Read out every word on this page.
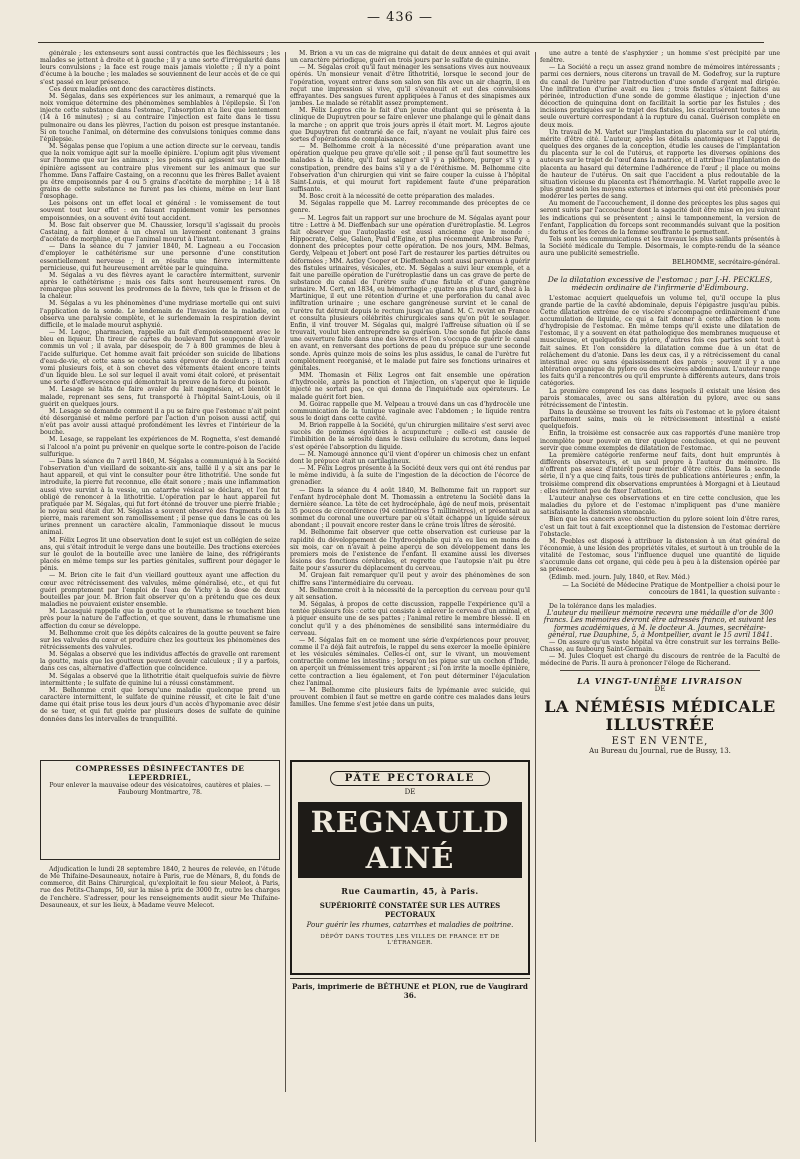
— 436 —

générale ; les extenseurs sont aussi contractés que les fléchisseurs ; les malades se jettent à droite et à gauche ; il y a une sorte d'irrégularité dans leurs convulsions ; la face est rouge mais jamais violette ; il n'y a point d'écume à la bouche ; les malades se souviennent de leur accès et de ce qui s'est passé en leur présence.

Ces deux maladies ont donc des caractères distincts.

M. Ségalas, dans ses expériences sur les animaux, a remarqué que la noix vomique détermine des phénomènes semblables à l'épilepsie. Si l'on injecte cette substance dans l'estomac, l'absorption n'a lieu que lentement (14 à 16 minutes) ; si au contraire l'injection est faite dans le tissu pulmonaire ou dans les plèvres, l'action du poison est presque instantanée. Si on touche l'animal, on détermine des convulsions toniques comme dans l'épilepsie.

M. Ségalas pense que l'opium a une action directe sur le cerveau, tandis que la noix vomique agit sur la moelle épinière. L'opium agit plus vivement sur l'homme que sur les animaux ; les poisons qui agissent sur la moelle épinière agissent au contraire plus vivement sur les animaux que sur l'homme. Dans l'affaire Castaing, on a reconnu que les frères Ballet avaient pu être empoisonnés par 4 ou 5 grains d'acétate de morphine ; 14 à 18 grains de cette substance ne furent pas les chiens, même en leur liant l'œsophage.

Les poisons ont un effet local et général : le vomissement de tout souvent tout leur effet : en faisant rapidement vomir les personnes empoisonnées, on a souvent évité tout accident.

M. Bosc fait observer que M. Chaussier, lorsqu'il s'agissait du procès Castaing, a fait donner à un cheval un lavement contenant 3 grains d'acétate de morphine, et que l'animal mourut à l'instant.

— Dans la séance du 7 janvier 1840, M. Lagneau a eu l'occasion d'employer le cathétérisme sur une personne d'une constitution essentiellement nerveuse ; il en résulta une fièvre intermittente pernicieuse, qui fut heureusement arrêtée par le quinquina.

M. Ségalas a vu des fièvres ayant le caractère intermittent, survenir après le cathétérisme ; mais ces faits sont heureusement rares. On remarque plus souvent les prodromes de la fièvre, tels que le frisson et de la chaleur.

M. Ségalas a vu les phénomènes d'une mydriase mortelle qui ont suivi l'application de la sonde. Le lendemain de l'invasion de la maladie, on observa une paralysie complète, et le surlendemain la respiration devint difficile, et le malade mourut asphyxié.

— M. Legoc, pharmacien, rappelle au fait d'empoisonnement avec le bleu en liqueur. Un tireur de cartes du boulevard fut soupçonné d'avoir commis un vol ; il avala, par désespoir, de 7 à 800 grammes de bleu à l'acide sulfurique. Cet homme avait fait précéder son suicide de libations d'eau-de-vie, et cette sans se coucha sans éprouver de douleurs ; il avait vomi plusieurs fois, et à son chevet des vêtements étaient encore teints d'un liquide bleu. Le sol sur lequel il avait vomi était coloré, et présentait une sorte d'effervescence qui démontrait la preuve de la force du poison.

M. Lesage se hâta de faire avaler du lait magnésien, et bientôt le malade, reprenant ses sens, fut transporté à l'hôpital Saint-Louis, où il guérit en quelques jours.

M. Lesage se demande comment il a pu se faire que l'estomac n'ait point été désorganisé et même perforé par l'action d'un poison aussi actif, qui n'eût pas avoir aussi attaqué profondément les lèvres et l'intérieur de la bouche.

M. Lesage, se rappelant les expériences de M. Rognetta, s'est demandé si l'alcool n'a point pu prévenir en quelque sorte le contre-poison de l'acide sulfurique.

— Dans la séance du 7 avril 1840, M. Ségalas a communiqué à la Société l'observation d'un vieillard de soixante-six ans, taillé il y a six ans par le haut appareil, et qui vint le consulter pour être lithotritié. Une sonde fut introduite, la pierre fut reconnue, elle était sonore ; mais une inflammation aussi vive survint à la vessie, un catarrhe vésical se déclara, et l'on fut obligé de renoncer à la lithotritie. L'opération par le haut appareil fut pratiquée par M. Ségalas, qui fut fort étonné de trouver une pierre friable ; le noyau seul était dur. M. Ségalas a souvent observé des fragments de la pierre, mais rarement son ramollissement ; il pense que dans le cas où les urines prennent un caractère alcalin, l'ammoniaque dissout le mucus animal.

M. Félix Legros lit une observation dont le sujet est un collégien de seize ans, qui s'était introduit le verge dans une bouteille. Des tractions exercées sur le goulot de la bouteille avec une lanière de laine, des réfrigérants placés en même temps sur les parties génitales, suffirent pour dégager le pénis.

— M. Brion cite le fait d'un vieillard goutteux ayant une affection du cœur avec rétrécissement des valvules, même généralisé, etc., et qui fut guéri promptement par l'emploi de l'eau de Vichy à la dose de deux bouteilles par jour. M. Brion fait observer qu'on a prétendu que ces deux maladies ne pouvaient exister ensemble.

M. Lacasquié rappelle que la goutte et le rhumatisme se touchent bien près pour la nature de l'affection, et que souvent, dans le rhumatisme une affection du cœur se développe.

M. Belhomme croit que les dépôts calcaires de la goutte peuvent se faire sur les valvules du cœur et produire chez les goutteux les phénomènes des rétrécissements des valvules.

M. Ségalas a observé que les individus affectés de gravelle ont rarement la goutte, mais que les goutteux peuvent devenir calculeux ; il y a parfois, dans ces cas, alternative d'affection que coïncidence.

M. Ségalas a observé que la lithotritie était quelquefois suivie de fièvre intermittente ; le sulfate de quinine lui a réussi constamment.

M. Belhomme croit que lorsqu'une maladie quelconque prend un caractère intermittent, le sulfate de quinine réussit, et cite le fait d'une dame qui était prise tous les deux jours d'un accès d'hypomanie avec désir de se tuer, et qui fut guérie par plusieurs doses de sulfate de quinine données dans les intervalles de tranquillité.

M. Brion a vu un cas de migraine qui datait de deux années et qui avait un caractère périodique, guéri en trois jours par le sulfate de quinine.

— M. Ségalas croit qu'il faut ménager les sensations vives aux nouveaux opérés. Un monsieur venait d'être lithotritié, lorsque le second jour de l'opération, voyant entrer dans son salon son fils avec un air chagrin, il en reçut une impression si vive, qu'il s'évanouit et eut des convulsions effrayantes. Des sangsues furent appliquées à l'anus et des sinapismes aux jambes. Le malade se rétablit assez promptement.

M. Félix Legros cite le fait d'un jeune étudiant qui se présenta à la clinique de Dupuytren pour se faire enlever une phalange qui le gênait dans la marche ; on apprit que trois jours après il était mort. M. Legros ajoute que Dupuytren fut contrarié de ce fait, n'ayant ne voulait plus faire ces sortes d'opérations de complaisance.

— M. Belhomme croit à la nécessité d'une préparation avant une opération quelque peu grave qu'elle soit ; il pense qu'il faut soumettre les malades à la diète, qu'il faut saigner s'il y a pléthore, purger s'il y a constipation, prendre des bains s'il y a de l'éréthisme. M. Belhomme cite l'observation d'un chirurgien qui vint se faire couper la cuisse à l'hôpital Saint-Louis, et qui mourut fort rapidement faute d'une préparation suffisante.

M. Bosc croit à la nécessité de cette préparation des malades.

M. Ségalas rappelle que M. Larrey recommande des préceptes de ce genre.

— M. Legros fait un rapport sur une brochure de M. Ségalas ayant pour titre : Lettre à M. Dieffenbach sur une opération d'urétroplastie. M. Legros fait observer que l'autoplastie est aussi ancienne que le monde : Hippocrate, Celse, Galien, Paul d'Egine, et plus récemment Ambroise Paré, donnent des préceptes pour cette opération. De nos jours, MM. Belmas, Gerdy, Velpeau et Jobert ont posé l'art de restaurer les parties détruites ou déformées ; MM. Astley Cooper et Dieffenbach sont aussi parvenus à guérir des fistules urinaires, vésicales, etc. M. Ségalas a suivi leur exemple, et a fait une pareille opération de l'urétroplastie dans un cas grave de perte de substance du canal de l'urètre suite d'une fistule et d'une gangrène urinaire. M. Cert, en 1834, eu hémorrhagie ; quatre ans plus tard, chez à la Martinique, il eut une rétention d'urine et une perforation du canal avec infiltration urinaire ; une eschare gangréneuse survint et le canal de l'urètre fut détruit depuis le rectum jusqu'au gland. M. C. revint en France et consulta plusieurs célébrités chirurgicales sans qu'on pût le soulager. Enfin, il vint trouver M. Ségalas qui, malgré l'affreuse situation où il se trouvait, voulut bien entreprendre sa guérison. Une sonde fut placée dans une ouverture faite dans une des lèvres et l'on s'occupa de guérir le canal en avant, en renversant des portions de peau du prépuce sur une seconde sonde. Après quinze mois de soins les plus assidus, le canal de l'urètre fut complètement reorganisé, et le malade put faire ses fonctions urinaires et génitales.

MM. Thomasin et Félix Legros ont fait ensemble une opération d'hydrocèle, après la ponction et l'injection, on s'aperçut que le liquide injecté ne sortait pas, ce qui donna de l'inquiétude aux opérateurs. Le malade guérit fort bien.

M. Goirac rappelle que M. Velpeau a trouvé dans un cas d'hydrocèle une communication de la tunique vaginale avec l'abdomen ; le liquide rentra sous le doigt dans cette cavité.

M. Brion rappelle à la Société, qu'un chirurgien militaire s'est servi avec succès de pommes égoûtées à acupuncture ; celle-ci est causée de l'imbibition de la sérosité dans le tissu cellulaire du scrotum, dans lequel s'est opérée l'absorption du liquide.

— M. Namougé annonce qu'il vient d'opérer un chimosis chez un enfant dont le prépuce était un cartilagineux.

— M. Félix Legros présente à la Société deux vers qui ont été rendus par le même individu, à la suite de l'ingestion de la décoction de l'écorce de grenadier.

— Dans la séance du 4 août 1840, M. Belhomme fait un rapport sur l'enfant hydrocéphale dont M. Thomassin a entretenu la Société dans la dernière séance. La tête de cet hydrocéphale, âgé de neuf mois, présentait 35 pouces de circonférence (94 centimètres 5 millimètres), et présentait au sommet du coronal une ouverture par où s'était échappé un liquide séreux abondant ; il pouvait encore rester dans le crâne trois litres de sérosité.

M. Belhomme fait observer que cette observation est curieuse par la rapidité du développement de l'hydrocéphalie qui n'a eu lieu en moins de six mois, car on n'avait à peine aperçu de son développement dans les premiers mois de l'existence de l'enfant. Il examine aussi les diverses lésions des fonctions cérébrales, et regrette que l'autopsie n'ait pu être faite pour s'assurer du déplacement du cerveau.

M. Grajean fait remarquer qu'il peut y avoir des phénomènes de son chiffre sans l'intermédiaire du cerveau.

M. Belhomme croit à la nécessité de la perception du cerveau pour qu'il y ait sensation.

M. Ségalas, à propos de cette discussion, rappelle l'expérience qu'il a tentée plusieurs fois : cette qui consiste à enlever le cerveau d'un animal, et à piquer ensuite une de ses pattes ; l'animal retire le membre blessé. Il en conclut qu'il y a des phénomènes de sensibilité sans intermédiaire du cerveau.

— M. Ségalas fait en ce moment une série d'expériences pour prouver, comme il l'a déjà fait autrefois, le rappel du sens exercer la moelle épinière et les vésicules séminales. Celles-ci ont, sur le vivant, un mouvement contractile comme les intestins ; lorsqu'on les pique sur un cochon d'Inde, on aperçoit un frémissement très apparent ; si l'on irrite la moelle épinière, cette contraction a lieu également, et l'on peut déterminer l'éjaculation chez l'animal.

— M. Belhomme cite plusieurs faits de lypémanie avec suicide, qui prouvent combien il faut se mettre en garde contre ces malades dans leurs familles. Une femme s'est jetée dans un puits,

une autre a tenté de s'asphyxier ; un homme s'est précipité par une fenêtre.

— La Société a reçu un assez grand nombre de mémoires intéressants ; parmi ces derniers, nous citerons un travail de M. Godefroy, sur la rupture du canal de l'urètre par l'introduction d'une sonde d'argent mal dirigée. Une infiltration d'urine avait eu lieu ; trois fistules s'étaient faites au périnée, introduction d'une sonde de gomme élastique ; injection d'une décoction de quinquina dont on facilitait la sortie par les fistules ; des incisions pratiquées sur le trajet des fistules, les cicatrisèrent toutes à une seule ouverture correspondant à la rupture du canal. Guérison complète en deux mois.

Un travail de M. Varlet sur l'implantation du placenta sur le col utérin, mérite d'être cité. L'auteur, après les détails anatomiques et l'appui de quelques des organes de la conception, étudie les causes de l'implantation du placenta sur le col de l'utérus, et rapporte les diverses opinions des auteurs sur le trajet de l'œuf dans la matrice, et il attribue l'implantation de placenta au hasard qui détermine l'adhérence de l'œuf ; il place ou moins de hauteur de l'utérus. On sait que l'accident a plus redoutable de la situation vicieuse du placenta est l'hémorrhagie. M. Varlet rappelle avec le plus grand soin les moyens externes et internes qui ont été préconisés pour modérer les pertes de sang.

Au moment de l'accouchement, il donne des préceptes les plus sages qui seront suivis par l'accoucheur dont la sagacité doit être mise en jeu suivant les indications qui se présentent ; ainsi le tamponnement, la version de l'enfant, l'application du forceps sont recommandés suivant que la position du fœtus et les forces de la femme souffrante le permettent.

Tels sont les communications et les travaux les plus saillants présentés à la Société médicale du Temple. Désormais, le compte-rendu de la séance aura une publicité semestrielle.

BELHOMME, secrétaire-général.

De la dilatation excessive de l'estomac ; par J.-H. PECKLES, médecin ordinaire de l'infirmerie d'Edimbourg.

L'estomac acquiert quelquefois un volume tel, qu'il occupe la plus grande partie de la cavité abdominale, depuis l'épigastre jusqu'au pubis. Cette dilatation extrême de ce viscère s'accompagne ordinairement d'une accumulation de liquide, ce qui a fait donner à cette affection le nom d'hydropisie de l'estomac. En même temps qu'il existe une dilatation de l'estomac, il y a souvent en état pathologique des membranes muqueuse et musculeuse, et quelquefois du pylore, d'autres fois ces parties sont tout à fait saines. Et l'on considère la dilatation comme due à un état de relâchement du d'atonie. Dans les deux cas, il y a rétrécissement du canal intestinal avec ou sans épaississement des parois ; souvent il y a une altération organique du pylore ou des viscères abdominaux. L'auteur range les faits qu'il a rencontrés ou qu'il emprunte à différents auteurs, dans trois catégories.

La première comprend les cas dans lesquels il existait une lésion des parois stomacales, avec ou sans altération du pylore, avec ou sans rétrécissement de l'intestin.

Dans la deuxième se trouvent les faits où l'estomac et le pylore étaient parfaitement sains, mais où le rétrécissement intestinal a existé quelquefois.

Enfin, la troisième est consacrée aux cas rapportés d'une manière trop incomplète pour pouvoir en tirer quelque conclusion, et qui ne peuvent servir que comme exemples de dilatation de l'estomac.

La première catégorie renferme neuf faits, dont huit empruntés à différents observateurs, et un seul propre à l'auteur du mémoire. Ils n'offrent pas assez d'intérêt pour mériter d'être cités. Dans la seconde série, il n'y a que cinq faits, tous tirés de publications antérieures ; enfin, la troisième comprend dix observations empruntées à Morgagni et à Lieutaud : elles méritent peu de fixer l'attention.

L'auteur analyse ces observations et en tire cette conclusion, que les maladies du pylore et de l'estomac n'impliquent pas d'une manière satisfaisante la distension stomacale.

Bien que les cancers avec obstruction du pylore soient loin d'être rares, c'est un fait tout à fait exceptionnel que la distension de l'estomac derrière l'obstacle.

M. Peebles est disposé à attribuer la distension à un état général de l'économie, à une lésion des propriétés vitales, et surtout à un trouble de la vitalité de l'estomac, sous l'influence duquel une quantité de liquide s'accumule dans cet organe, qui cède peu à peu à la distension opérée par sa présence.

(Edimb. med. journ. July, 1840, et Rev. Méd.)

— La Société de Médecine Pratique de Montpellier a choisi pour le concours de 1841, la question suivante :

De la tolérance dans les maladies.

L'auteur du meilleur mémoire recevra une médaille d'or de 300 francs. Les mémoires devront être adressés franco, et suivant les formes académiques, à M. le docteur A. Jaumes, secrétaire-général, rue Dauphine, 5, à Montpellier, avant le 15 avril 1841.

— On assure qu'un vaste hôpital va être construit sur les terrains Belle-Chasse, au faubourg Saint-Germain.

— M. Jules Cloquet est chargé du discours de rentrée de la Faculté de médecine de Paris. Il aura à prononcer l'éloge de Richerand.

LA VINGT-UNIÈME LIVRAISON

DE

LA NÉMÉSIS MÉDICALE ILLUSTRÉE

EST EN VENTE,

Au Bureau du Journal, rue de Bussy, 13.

COMPRESSES DÉSINFECTANTES DE LEPERDRIEL,
Pour enlever la mauvaise odeur des vésicatoires, cautères et plaies. — Faubourg Montmartre, 78.

Adjudication le lundi 28 septembre 1840, 2 heures de relevée, en l'étude de Me Thifaine-Desauneaux, notaire à Paris, rue de Ménars, 8, du fonds de commerce, dit Bains Chirurgical, qu'exploitait le feu sieur Meleot, à Paris, rue des Petits-Champs, 50, sur la mise à prix de 3000 fr., outre les charges de l'enchère. S'adresser, pour les renseignements audit sieur Me Thifaine-Desauneaux, et sur les lieux, à Madame veuve Melecot.

PÂTE PECTORALE
DE
REGNAULD AINÉ
Rue Caumartin, 45, à Paris.
SUPÉRIORITÉ CONSTATÉE SUR LES AUTRES PECTORAUX
Pour guérir les rhumes, catarrhes et maladies de poitrine.
DÉPÔT DANS TOUTES LES VILLES DE FRANCE ET DE L'ÉTRANGER.
Paris, imprimerie de BÉTHUNE et PLON, rue de Vaugirard 36.
